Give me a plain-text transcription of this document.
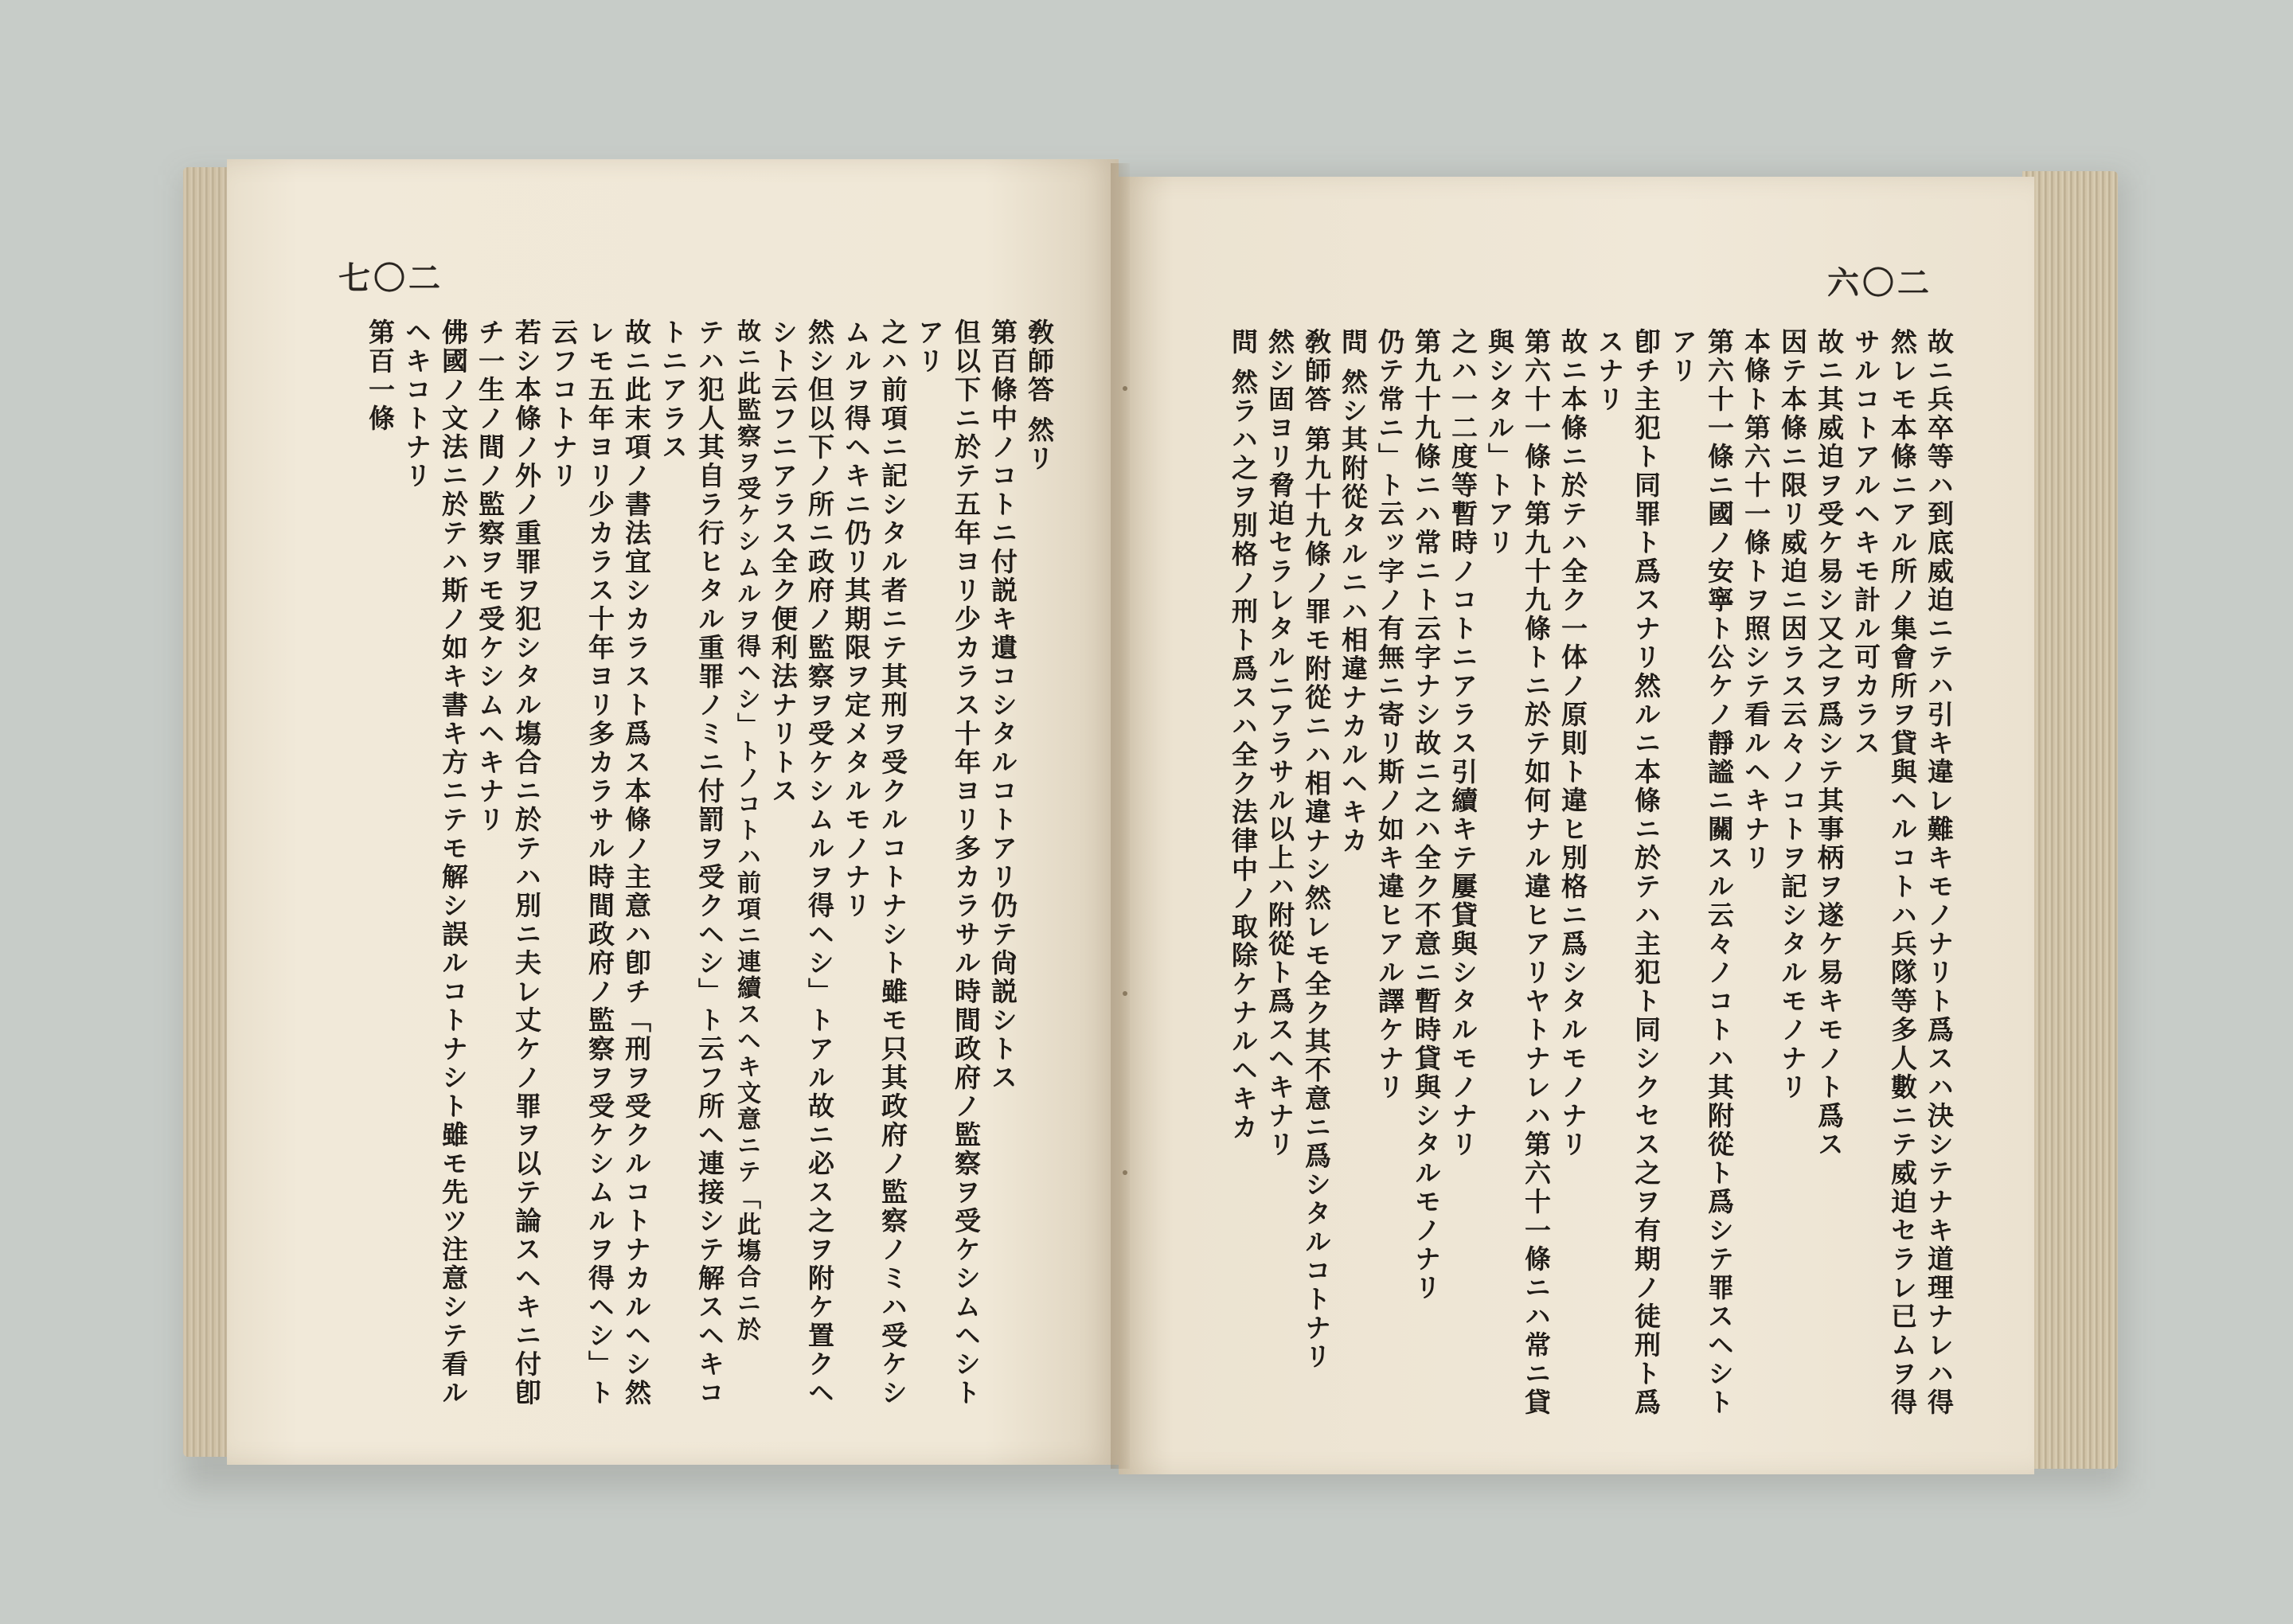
七〇二
敎師答 然リ
第百條中ノコトニ付説キ遺コシタルコトアリ仍テ尙説シトス
但以下ニ於テ五年ヨリ少カラス十年ヨリ多カラサル時間政府ノ監察ヲ受ケシムヘシト
アリ
之ハ前項ニ記シタル者ニテ其刑ヲ受クルコトナシト雖モ只其政府ノ監察ノミハ受ケシ
ムルヲ得ヘキニ仍リ其期限ヲ定メタルモノナリ
然シ但以下ノ所ニ政府ノ監察ヲ受ケシムルヲ得ヘシ」トアル故ニ必ス之ヲ附ケ置クヘ
シト云フニアラス全ク便利法ナリトス
故ニ此監察ヲ受ケシムルヲ得ヘシ」トノコトハ前項ニ連續スヘキ文意ニテ「此塲合ニ於
テハ犯人其自ラ行ヒタル重罪ノミニ付罰ヲ受クヘシ」ト云フ所ヘ連接シテ解スヘキコ
トニアラス
故ニ此末項ノ書法宜シカラスト爲ス本條ノ主意ハ卽チ「刑ヲ受クルコトナカルヘシ然
レモ五年ヨリ少カラス十年ヨリ多カラサル時間政府ノ監察ヲ受ケシムルヲ得ヘシ」ト
云フコトナリ
若シ本條ノ外ノ重罪ヲ犯シタル塲合ニ於テハ別ニ夫レ丈ケノ罪ヲ以テ論スヘキニ付卽
チ一生ノ間ノ監察ヲモ受ケシムヘキナリ
佛國ノ文法ニ於テハ斯ノ如キ書キ方ニテモ解シ誤ルコトナシト雖モ先ツ注意シテ看ル
ヘキコトナリ
第百一條
六〇二
故ニ兵卒等ハ到底威迫ニテハ引キ違レ難キモノナリト爲スハ決シテナキ道理ナレハ得
然レモ本條ニアル所ノ集會所ヲ貸與ヘルコトハ兵隊等多人數ニテ威迫セラレ已ムヲ得
サルコトアルヘキモ計ル可カラス
故ニ其威迫ヲ受ケ易シ又之ヲ爲シテ其事柄ヲ遂ケ易キモノト爲ス
因テ本條ニ限リ威迫ニ因ラス云々ノコトヲ記シタルモノナリ
本條ト第六十一條トヲ照シテ看ルヘキナリ
第六十一條ニ國ノ安寧ト公ケノ靜謐ニ關スル云々ノコトハ其附從ト爲シテ罪スヘシト
アリ
卽チ主犯ト同罪ト爲スナリ然ルニ本條ニ於テハ主犯ト同シクセス之ヲ有期ノ徒刑ト爲
スナリ
故ニ本條ニ於テハ全ク一体ノ原則ト違ヒ別格ニ爲シタルモノナリ
第六十一條ト第九十九條トニ於テ如何ナル違ヒアリヤトナレハ第六十一條ニハ常ニ貸
與シタル」トアリ
之ハ一二度等暫時ノコトニアラス引續キテ屢貸與シタルモノナリ
第九十九條ニハ常ニト云字ナシ故ニ之ハ全ク不意ニ暫時貸與シタルモノナリ
仍テ常ニ」ト云ッ字ノ有無ニ寄リ斯ノ如キ違ヒアル譯ケナリ
問 然シ其附從タルニハ相違ナカルヘキカ
敎師答 第九十九條ノ罪モ附從ニハ相違ナシ然レモ全ク其不意ニ爲シタルコトナリ
然シ固ヨリ脅迫セラレタルニアラサル以上ハ附從ト爲スヘキナリ
問 然ラハ之ヲ別格ノ刑ト爲スハ全ク法律中ノ取除ケナルヘキカ
